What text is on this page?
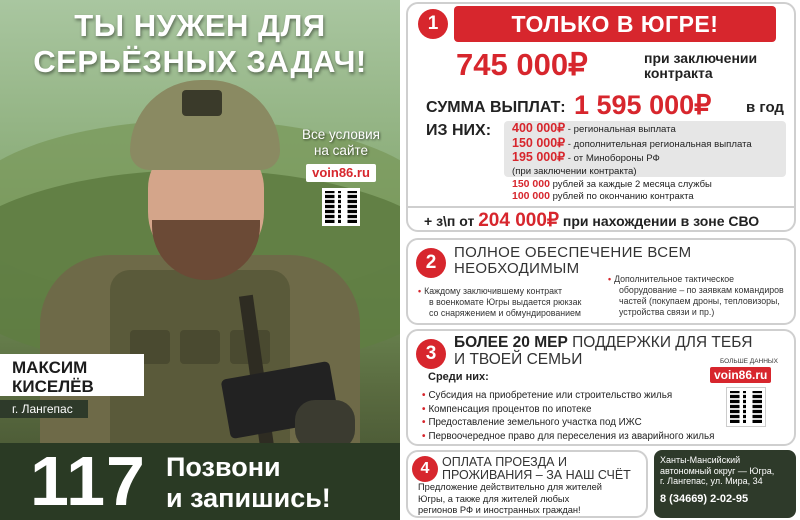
ТЫ НУЖЕН ДЛЯ
СЕРЬЁЗНЫХ ЗАДАЧ!
Все условия
на сайте
voin86.ru
МАКСИМ
КИСЕЛЁВ
г. Лангепас
117 Позвони
и запишись!
1	ТОЛЬКО В ЮГРЕ!
745 000₽	при заключении
контракта
СУММА ВЫПЛАТ: 1 595 000₽ в год
ИЗ НИХ: 400 000₽ - региональная выплата
150 000₽ - дополнительная региональная выплата
195 000₽ - от Минобороны РФ
(при заключении контракта)
150 000 рублей за каждые 2 месяца службы
100 000 рублей по окончанию контракта
+ з\п от 204 000₽ при нахождении в зоне СВО
2	ПОЛНОЕ ОБЕСПЕЧЕНИЕ ВСЕМ
НЕОБХОДИМЫМ
• Каждому заключившему контракт
в военкомате Югры выдается рюкзак
со снаряжением и обмундированием
• Дополнительное тактическое
оборудование – по заявкам командиров
частей (покупаем дроны, тепловизоры,
устройства связи и пр.)
3
БОЛЕЕ 20 МЕР ПОДДЕРЖКИ ДЛЯ ТЕБЯ
И ТВОЕЙ СЕМЬИ
Среди них:
• Субсидия на приобретение или строительство жилья
• Компенсация процентов по ипотеке
• Предоставление земельного участка под ИЖС
• Первоочередное право для переселения из аварийного жилья
БОЛЬШЕ ДАННЫХ
voin86.ru
4	ОПЛАТА ПРОЕЗДА И
ПРОЖИВАНИЯ – ЗА НАШ СЧЁТ
Предложение действительно для жителей
Югры, а также для жителей любых
регионов РФ и иностранных граждан!
Ханты-Мансийский
автономный округ — Югра,
г. Лангепас, ул. Мира, 34
8 (34669) 2-02-95
